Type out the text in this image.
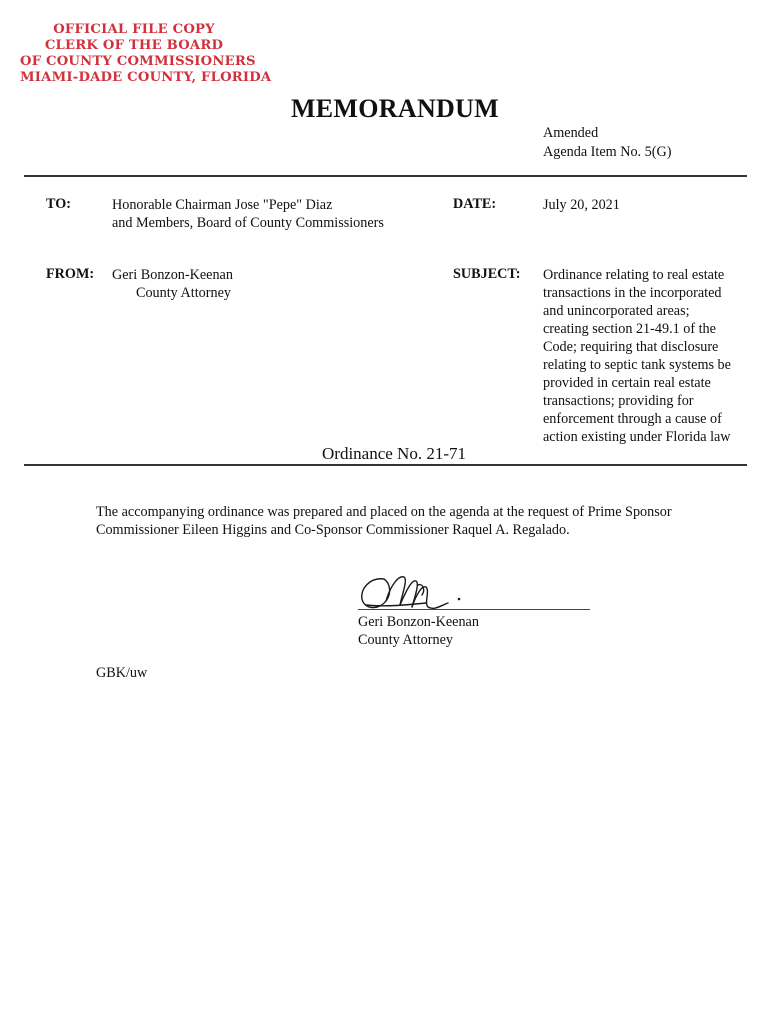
OFFICIAL FILE COPY
CLERK OF THE BOARD
OF COUNTY COMMISSIONERS
MIAMI-DADE COUNTY, FLORIDA
MEMORANDUM
Amended
Agenda Item No. 5(G)
TO:	Honorable Chairman Jose "Pepe" Diaz
and Members, Board of County Commissioners
DATE:	July 20, 2021
FROM: Geri Bonzon-Keenan
County Attorney
SUBJECT: Ordinance relating to real estate
transactions in the incorporated
and unincorporated areas;
creating section 21-49.1 of the
Code; requiring that disclosure
relating to septic tank systems be
provided in certain real estate
transactions; providing for
enforcement through a cause of
action existing under Florida law
Ordinance No. 21-71
The accompanying ordinance was prepared and placed on the agenda at the request of Prime Sponsor
Commissioner Eileen Higgins and Co-Sponsor Commissioner Raquel A. Regalado.
Geri Bonzon-Keenan
County Attorney
GBK/uw
